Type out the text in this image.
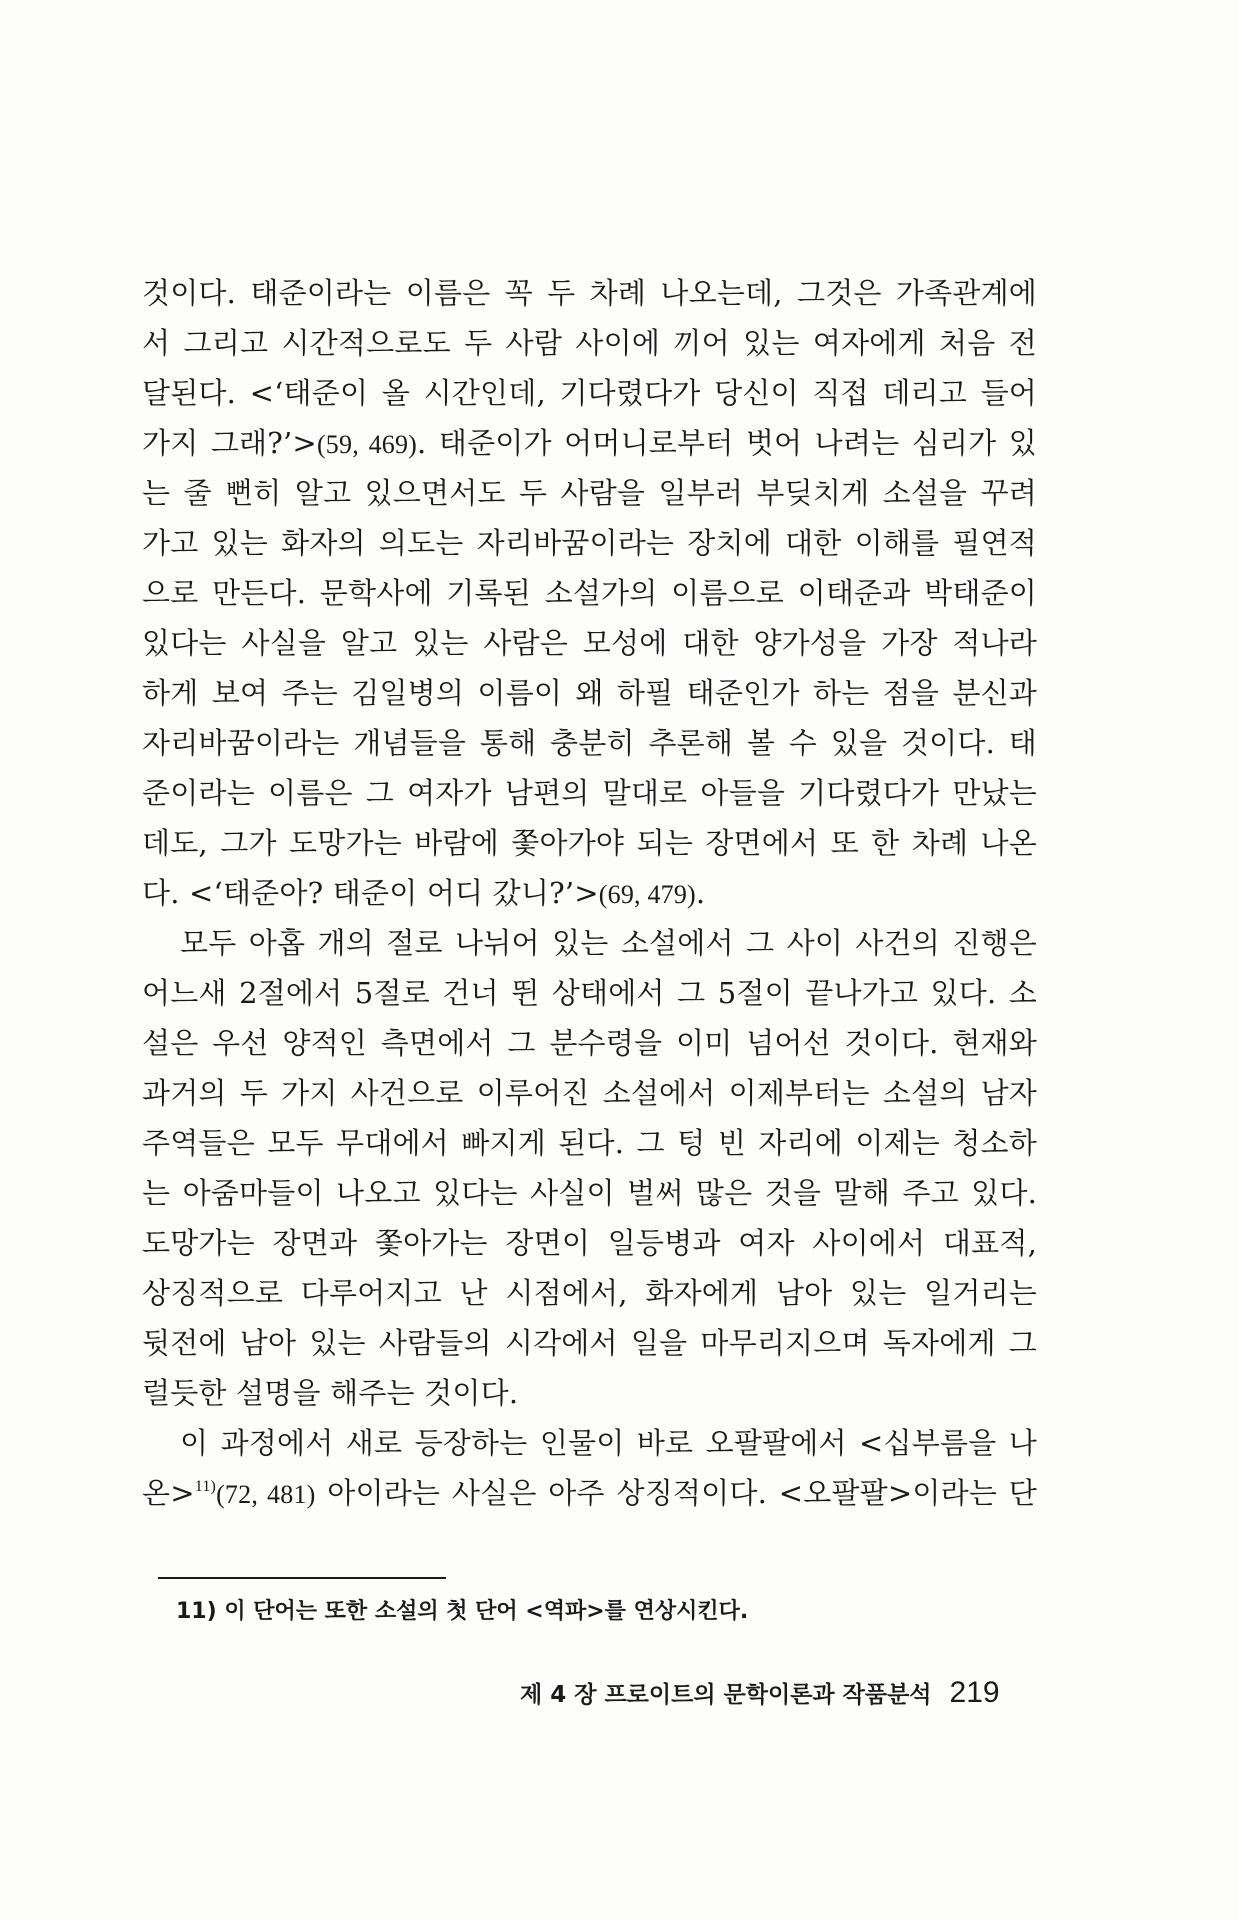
것이다. 태준이라는 이름은 꼭 두 차례 나오는데, 그것은 가족관계에
서 그리고 시간적으로도 두 사람 사이에 끼어 있는 여자에게 처음 전
달된다. <‘태준이 올 시간인데, 기다렸다가 당신이 직접 데리고 들어
가지 그래?’>(59, 469). 태준이가 어머니로부터 벗어 나려는 심리가 있
는 줄 뻔히 알고 있으면서도 두 사람을 일부러 부딪치게 소설을 꾸려
가고 있는 화자의 의도는 자리바꿈이라는 장치에 대한 이해를 필연적
으로 만든다. 문학사에 기록된 소설가의 이름으로 이태준과 박태준이
있다는 사실을 알고 있는 사람은 모성에 대한 양가성을 가장 적나라
하게 보여 주는 김일병의 이름이 왜 하필 태준인가 하는 점을 분신과
자리바꿈이라는 개념들을 통해 충분히 추론해 볼 수 있을 것이다. 태
준이라는 이름은 그 여자가 남편의 말대로 아들을 기다렸다가 만났는
데도, 그가 도망가는 바람에 쫓아가야 되는 장면에서 또 한 차례 나온
다. <‘태준아? 태준이 어디 갔니?’>(69, 479).
모두 아홉 개의 절로 나뉘어 있는 소설에서 그 사이 사건의 진행은
어느새 2절에서 5절로 건너 뛴 상태에서 그 5절이 끝나가고 있다. 소
설은 우선 양적인 측면에서 그 분수령을 이미 넘어선 것이다. 현재와
과거의 두 가지 사건으로 이루어진 소설에서 이제부터는 소설의 남자
주역들은 모두 무대에서 빠지게 된다. 그 텅 빈 자리에 이제는 청소하
는 아줌마들이 나오고 있다는 사실이 벌써 많은 것을 말해 주고 있다.
도망가는 장면과 쫓아가는 장면이 일등병과 여자 사이에서 대표적,
상징적으로 다루어지고 난 시점에서, 화자에게 남아 있는 일거리는
뒷전에 남아 있는 사람들의 시각에서 일을 마무리지으며 독자에게 그
럴듯한 설명을 해주는 것이다.
이 과정에서 새로 등장하는 인물이 바로 오팔팔에서 <십부름을 나
온>$^{11)}$(72, 481) 아이라는 사실은 아주 상징적이다. <오팔팔>이라는 단
11) 이 단어는 또한 소설의 첫 단어 <역파>를 연상시킨다.
제 4 장 프로이트의 문학이론과 작품분석 219
